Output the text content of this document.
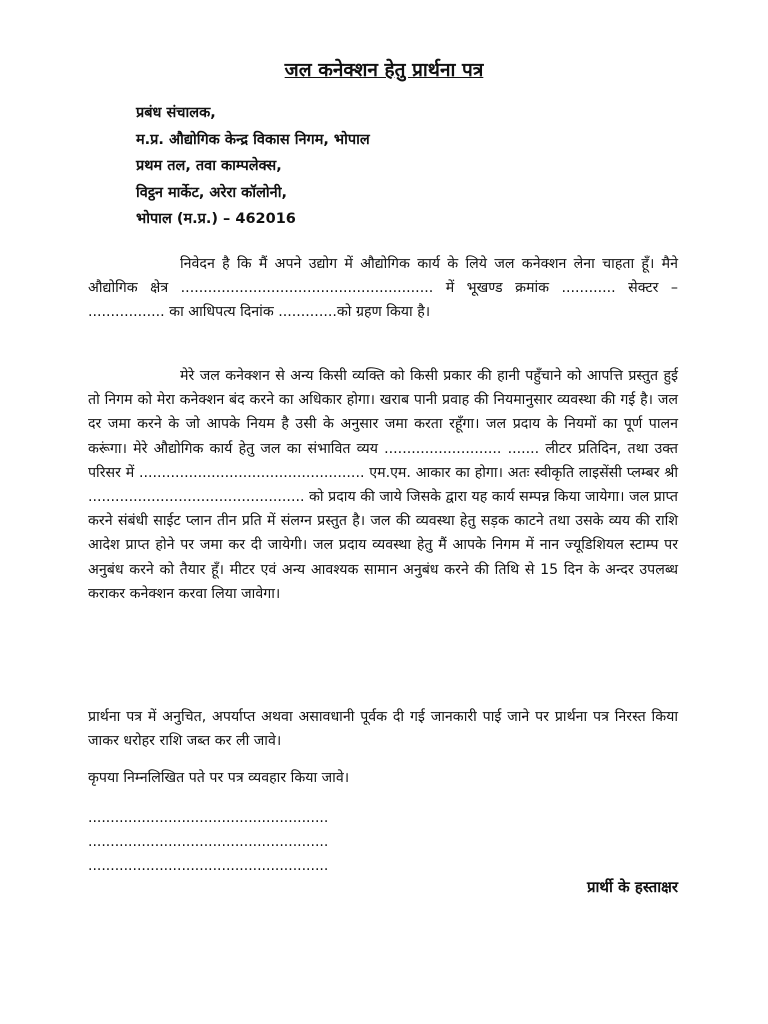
जल कनेक्शन हेतु प्रार्थना पत्र
प्रबंध संचालक,
म.प्र. औद्योगिक केन्द्र विकास निगम, भोपाल
प्रथम तल, तवा काम्पलेक्स,
विट्ठन मार्केट, अरेरा कॉलोनी,
भोपाल (म.प्र.) – 462016
निवेदन है कि मैं अपने उद्योग में औद्योगिक कार्य के लिये जल कनेक्शन लेना चाहता हूँ। मैने औद्योगिक क्षेत्र ........................................................ में भूखण्ड क्रमांक ............ सेक्टर – ................. का आधिपत्य दिनांक .............को ग्रहण किया है।
मेरे जल कनेक्शन से अन्य किसी व्यक्ति को किसी प्रकार की हानी पहुँचाने को आपत्ति प्रस्तुत हुई तो निगम को मेरा कनेक्शन बंद करने का अधिकार होगा। खराब पानी प्रवाह की नियमानुसार व्यवस्था की गई है। जल दर जमा करने के जो आपके नियम है उसी के अनुसार जमा करता रहूँगा। जल प्रदाय के नियमों का पूर्ण पालन करूंगा। मेरे औद्योगिक कार्य हेतु जल का संभावित व्यय .......................... ....... लीटर प्रतिदिन, तथा उक्त परिसर में .................................................. एम.एम. आकार का होगा। अतः स्वीकृति लाइसेंसी प्लम्बर श्री ................................................ को प्रदाय की जाये जिसके द्वारा यह कार्य सम्पन्न किया जायेगा। जल प्राप्त करने संबंधी साईट प्लान तीन प्रति में संलग्न प्रस्तुत है। जल की व्यवस्था हेतु सड़क काटने तथा उसके व्यय की राशि आदेश प्राप्त होने पर जमा कर दी जायेगी। जल प्रदाय व्यवस्था हेतु मैं आपके निगम में नान ज्यूडिशियल स्टाम्प पर अनुबंध करने को तैयार हूँ। मीटर एवं अन्य आवश्यक सामान अनुबंध करने की तिथि से 15 दिन के अन्दर उपलब्ध कराकर कनेक्शन करवा लिया जावेगा।
प्रार्थना पत्र में अनुचित, अपर्याप्त अथवा असावधानी पूर्वक दी गई जानकारी पाई जाने पर प्रार्थना पत्र निरस्त किया जाकर धरोहर राशि जब्त कर ली जावे।
कृपया निम्नलिखित पते पर पत्र व्यवहार किया जावे।
......................................................
......................................................
......................................................
प्रार्थी के हस्ताक्षर
